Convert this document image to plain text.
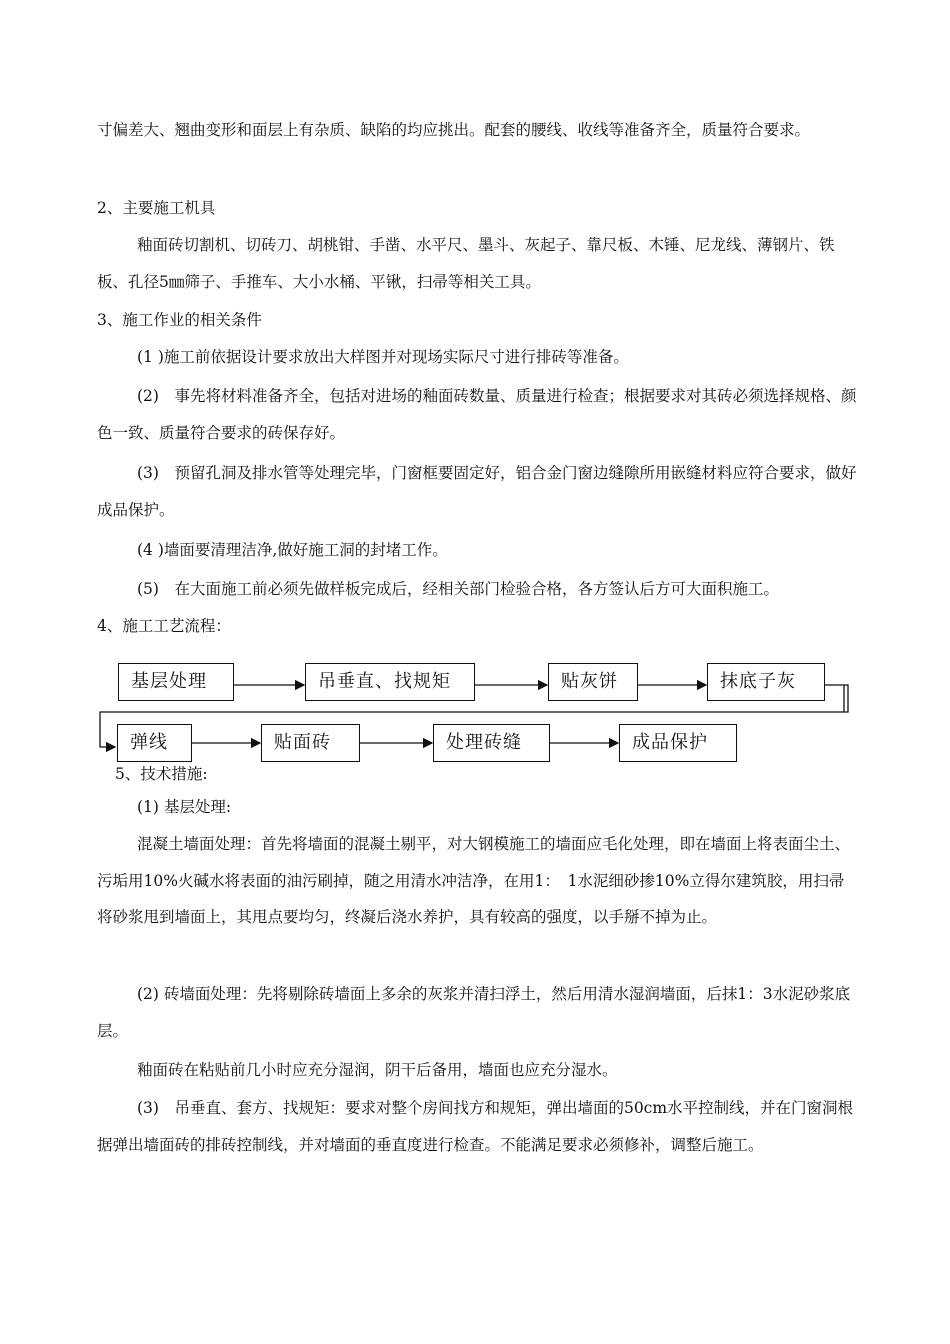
寸偏差大、翘曲变形和面层上有杂质、缺陷的均应挑出。配套的腰线、收线等准备齐全，质量符合要求。

2、主要施工机具

釉面砖切割机、切砖刀、胡桃钳、手凿、水平尺、墨斗、灰起子、靠尺板、木锤、尼龙线、薄钢片、铁板、孔径5㎜筛子、手推车、大小水桶、平锹，扫帚等相关工具。

3、施工作业的相关条件

(1 )施工前依据设计要求放出大样图并对现场实际尺寸进行排砖等准备。

(2)　事先将材料准备齐全，包括对进场的釉面砖数量、质量进行检查；根据要求对其砖必须选择规格、颜色一致、质量符合要求的砖保存好。

(3)　预留孔洞及排水管等处理完毕，门窗框要固定好，铝合金门窗边缝隙所用嵌缝材料应符合要求，做好成品保护。

(4 )墙面要清理洁净,做好施工洞的封堵工作。

(5)　在大面施工前必须先做样板完成后，经相关部门检验合格，各方签认后方可大面积施工。

4、施工工艺流程：

基层处理	吊垂直、找规矩	贴灰饼	抹底子灰
弹线	贴面砖	处理砖缝	成品保护

5、技术措施:

(1) 基层处理:

混凝土墙面处理：首先将墙面的混凝土剔平，对大钢模施工的墙面应毛化处理，即在墙面上将表面尘土、污垢用10%火碱水将表面的油污刷掉，随之用清水冲洁净，在用1：　1水泥细砂掺10%立得尔建筑胶，用扫帚将砂浆甩到墙面上，其甩点要均匀，终凝后浇水养护，具有较高的强度，以手掰不掉为止。

(2) 砖墙面处理：先将剔除砖墙面上多余的灰浆并清扫浮土，然后用清水湿润墙面，后抹1：3水泥砂浆底层。

釉面砖在粘贴前几小时应充分湿润，阴干后备用，墙面也应充分湿水。

(3)　吊垂直、套方、找规矩：要求对整个房间找方和规矩，弹出墙面的50cm水平控制线，并在门窗洞根据弹出墙面砖的排砖控制线，并对墙面的垂直度进行检查。不能满足要求必须修补，调整后施工。
